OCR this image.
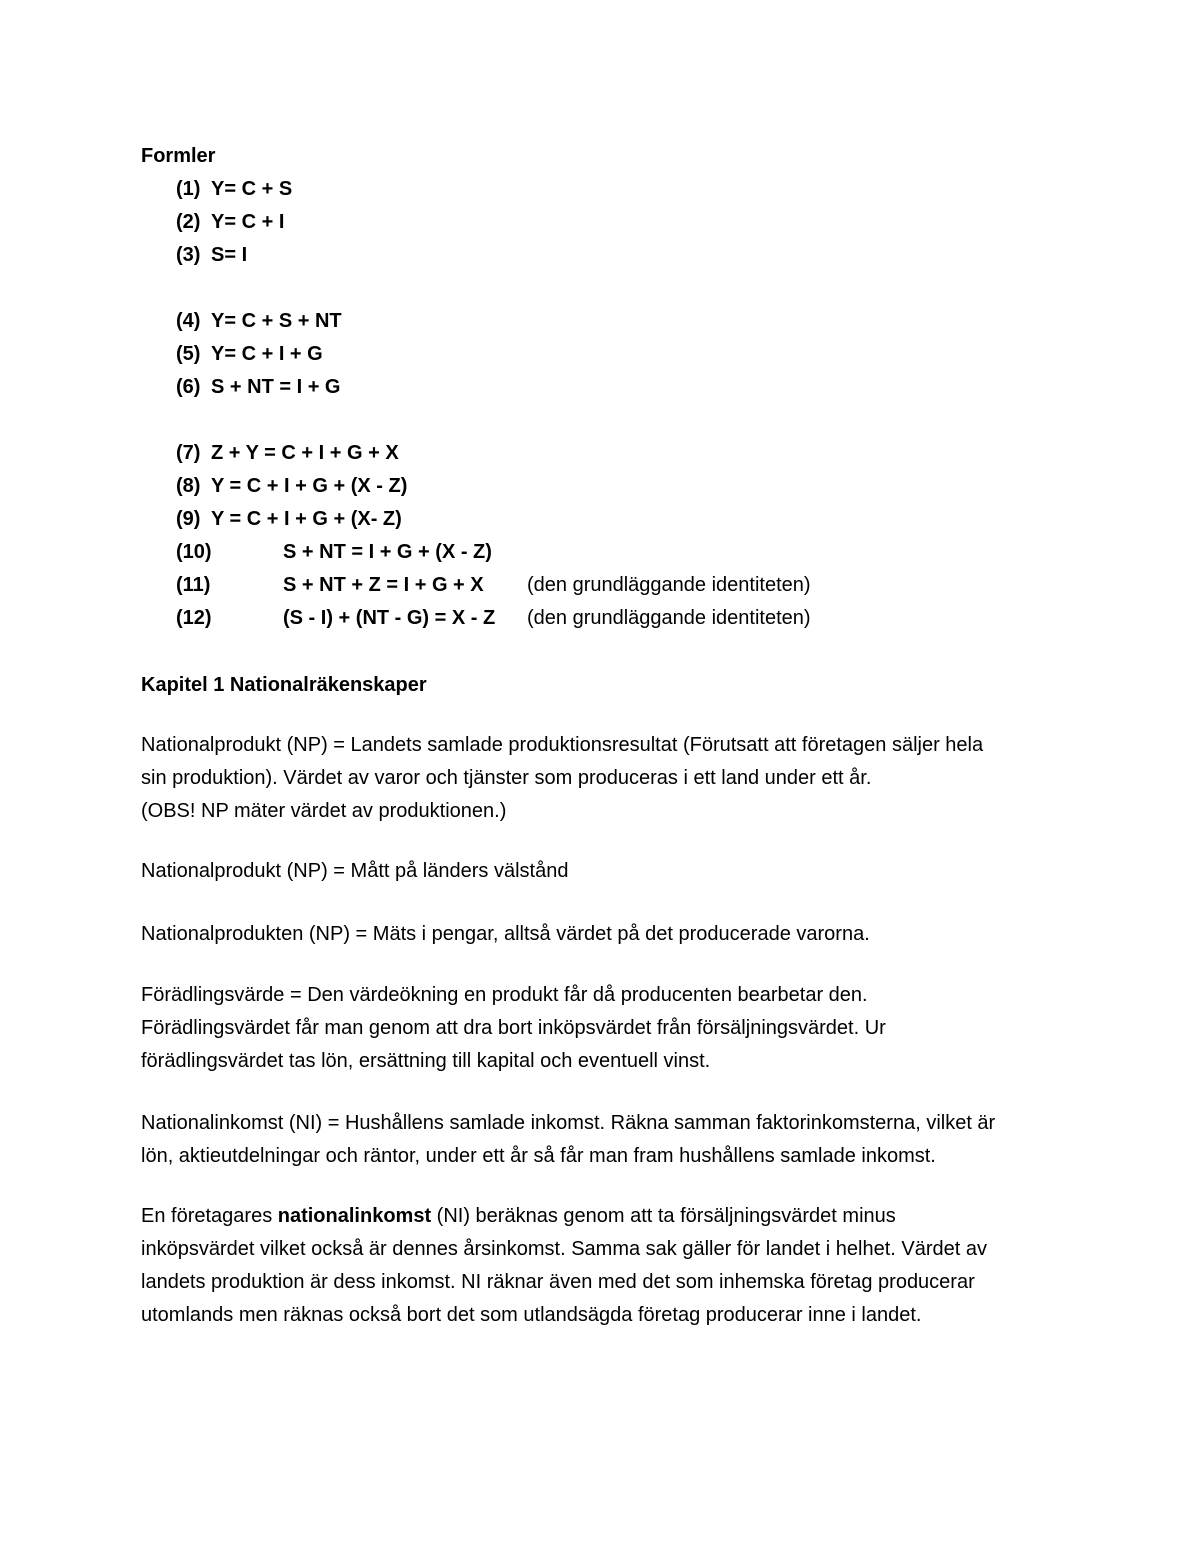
Formler
(1) Y= C + S
(2) Y= C + I
(3) S= I
(4) Y= C + S + NT
(5) Y= C + I + G
(6) S + NT = I + G
(7) Z + Y = C + I + G + X
(8) Y = C + I + G + (X - Z)
(9) Y = C + I + G + (X- Z)
(10)	S + NT = I + G + (X - Z)
(11)	S + NT + Z = I + G + X (den grundläggande identiteten)
(12)	(S - I) + (NT - G) = X - Z (den grundläggande identiteten)
Kapitel 1 Nationalräkenskaper
Nationalprodukt (NP) = Landets samlade produktionsresultat (Förutsatt att företagen säljer hela
sin produktion). Värdet av varor och tjänster som produceras i ett land under ett år.
(OBS! NP mäter värdet av produktionen.)
Nationalprodukt (NP) = Mått på länders välstånd
Nationalprodukten (NP) = Mäts i pengar, alltså värdet på det producerade varorna.
Förädlingsvärde = Den värdeökning en produkt får då producenten bearbetar den.
Förädlingsvärdet får man genom att dra bort inköpsvärdet från försäljningsvärdet. Ur
förädlingsvärdet tas lön, ersättning till kapital och eventuell vinst.
Nationalinkomst (NI) = Hushållens samlade inkomst. Räkna samman faktorinkomsterna, vilket är
lön, aktieutdelningar och räntor, under ett år så får man fram hushållens samlade inkomst.
En företagares nationalinkomst (NI) beräknas genom att ta försäljningsvärdet minus
inköpsvärdet vilket också är dennes årsinkomst. Samma sak gäller för landet i helhet. Värdet av
landets produktion är dess inkomst. NI räknar även med det som inhemska företag producerar
utomlands men räknas också bort det som utlandsägda företag producerar inne i landet.
